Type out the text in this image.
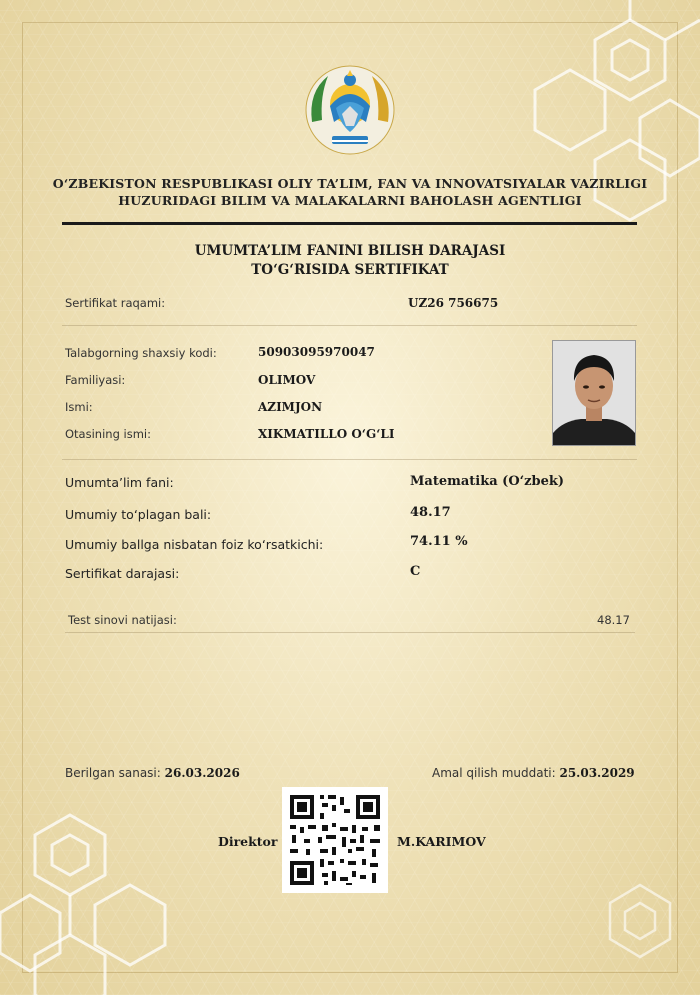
O‘ZBEKISTON RESPUBLIKASI OLIY TA’LIM, FAN VA INNOVATSIYALAR VAZIRLIGI
HUZURIDAGI BILIM VA MALAKALARNI BAHOLASH AGENTLIGI
UMUMTA’LIM FANINI BILISH DARAJASI
TO‘G‘RISIDA SERTIFIKAT
Sertifikat raqami:	UZ26 756675
Talabgorning shaxsiy kodi:	50903095970047
Familiyasi:	OLIMOV
Ismi:	AZIMJON
Otasining ismi:	XIKMATILLO O‘G‘LI
Umumta’lim fani:	Matematika (O‘zbek)
Umumiy to‘plagan bali:	48.17
Umumiy ballga nisbatan foiz ko‘rsatkichi:	74.11 %
Sertifikat darajasi:	C
Test sinovi natijasi:	48.17
Berilgan sanasi: 26.03.2026	Amal qilish muddati: 25.03.2029
Direktor	M.KARIMOV
